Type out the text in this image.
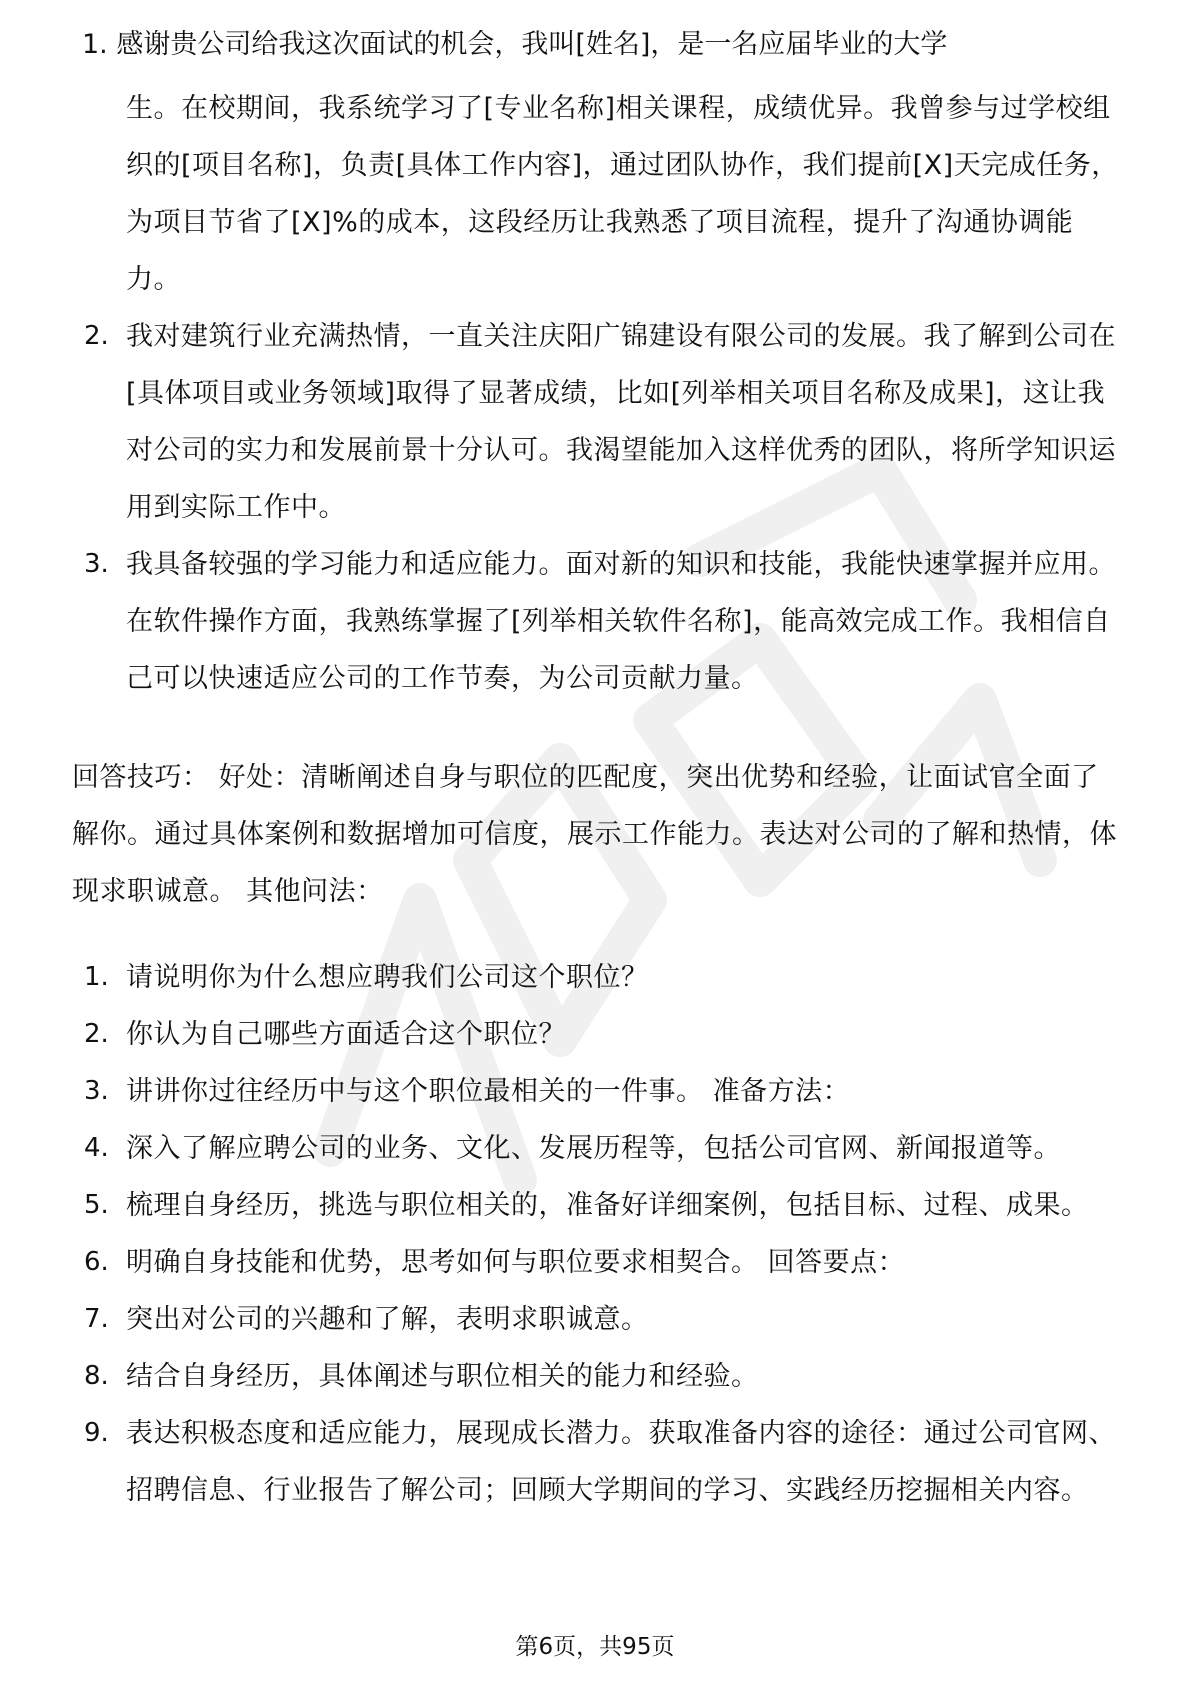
1. 感谢贵公司给我这次面试的机会，我叫[姓名]，是一名应届毕业的大学
生。在校期间，我系统学习了[专业名称]相关课程，成绩优异。我曾参与过学校组织的[项目名称]，负责[具体工作内容]，通过团队协作，我们提前[X]天完成任务，为项目节省了[X]%的成本，这段经历让我熟悉了项目流程，提升了沟通协调能力。
2. 我对建筑行业充满热情，一直关注庆阳广锦建设有限公司的发展。我了解到公司在[具体项目或业务领域]取得了显著成绩，比如[列举相关项目名称及成果]，这让我对公司的实力和发展前景十分认可。我渴望能加入这样优秀的团队，将所学知识运用到实际工作中。
3. 我具备较强的学习能力和适应能力。面对新的知识和技能，我能快速掌握并应用。在软件操作方面，我熟练掌握了[列举相关软件名称]，能高效完成工作。我相信自己可以快速适应公司的工作节奏，为公司贡献力量。
回答技巧： 好处：清晰阐述自身与职位的匹配度，突出优势和经验，让面试官全面了解你。通过具体案例和数据增加可信度，展示工作能力。表达对公司的了解和热情，体现求职诚意。 其他问法：
1. 请说明你为什么想应聘我们公司这个职位？
2. 你认为自己哪些方面适合这个职位？
3. 讲讲你过往经历中与这个职位最相关的一件事。 准备方法：
4. 深入了解应聘公司的业务、文化、发展历程等，包括公司官网、新闻报道等。
5. 梳理自身经历，挑选与职位相关的，准备好详细案例，包括目标、过程、成果。
6. 明确自身技能和优势，思考如何与职位要求相契合。 回答要点：
7. 突出对公司的兴趣和了解，表明求职诚意。
8. 结合自身经历，具体阐述与职位相关的能力和经验。
9. 表达积极态度和适应能力，展现成长潜力。获取准备内容的途径：通过公司官网、招聘信息、行业报告了解公司；回顾大学期间的学习、实践经历挖掘相关内容。
第6页，共95页
